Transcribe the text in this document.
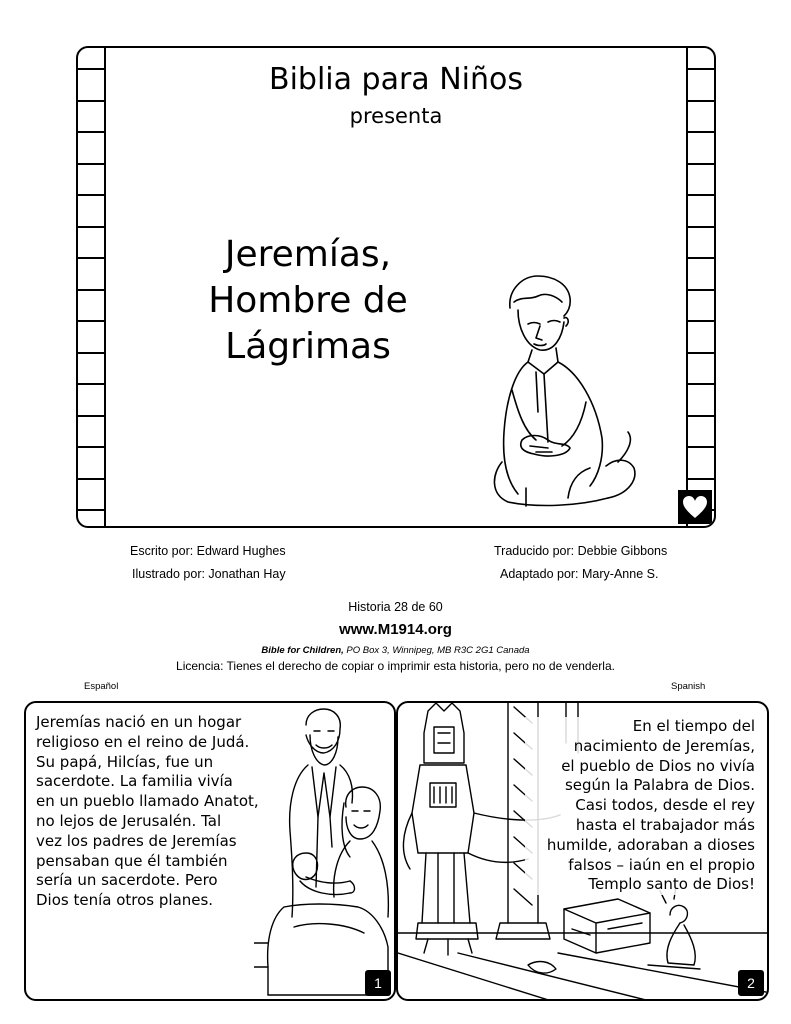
Biblia para Niños
presenta
Jeremías,
Hombre de
Lágrimas
Escrito por: Edward Hughes	Traducido por: Debbie Gibbons
Ilustrado por: Jonathan Hay	Adaptado por: Mary-Anne S.
Historia 28 de 60
www.M1914.org
Bible for Children, PO Box 3, Winnipeg, MB R3C 2G1 Canada
Licencia: Tienes el derecho de copiar o imprimir esta historia, pero no de venderla.
Español	Spanish
Jeremías nació en un hogar
religioso en el reino de Judá.
Su papá, Hilcías, fue un
sacerdote. La familia vivía
en un pueblo llamado Anatot,
no lejos de Jerusalén. Tal
vez los padres de Jeremías
pensaban que él también
sería un sacerdote. Pero
Dios tenía otros planes.
1
En el tiempo del
nacimiento de Jeremías,
el pueblo de Dios no vivía
según la Palabra de Dios.
Casi todos, desde el rey
hasta el trabajador más
humilde, adoraban a dioses
falsos – iaún en el propio
Templo santo de Dios!
2
